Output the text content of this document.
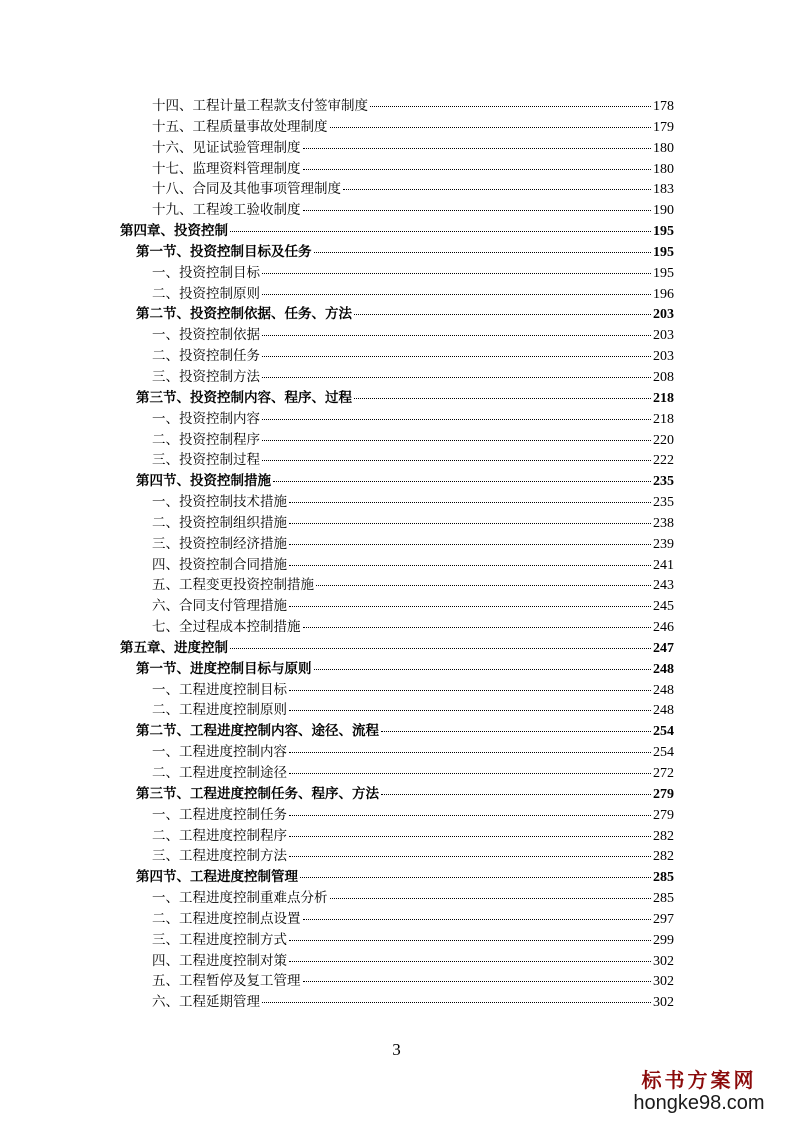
十四、工程计量工程款支付签审制度	178
十五、工程质量事故处理制度	179
十六、见证试验管理制度	180
十七、监理资料管理制度	180
十八、合同及其他事项管理制度	183
十九、工程竣工验收制度	190
第四章、投资控制	195
第一节、投资控制目标及任务	195
一、投资控制目标	195
二、投资控制原则	196
第二节、投资控制依据、任务、方法	203
一、投资控制依据	203
二、投资控制任务	203
三、投资控制方法	208
第三节、投资控制内容、程序、过程	218
一、投资控制内容	218
二、投资控制程序	220
三、投资控制过程	222
第四节、投资控制措施	235
一、投资控制技术措施	235
二、投资控制组织措施	238
三、投资控制经济措施	239
四、投资控制合同措施	241
五、工程变更投资控制措施	243
六、合同支付管理措施	245
七、全过程成本控制措施	246
第五章、进度控制	247
第一节、进度控制目标与原则	248
一、工程进度控制目标	248
二、工程进度控制原则	248
第二节、工程进度控制内容、途径、流程	254
一、工程进度控制内容	254
二、工程进度控制途径	272
第三节、工程进度控制任务、程序、方法	279
一、工程进度控制任务	279
二、工程进度控制程序	282
三、工程进度控制方法	282
第四节、工程进度控制管理	285
一、工程进度控制重难点分析	285
二、工程进度控制点设置	297
三、工程进度控制方式	299
四、工程进度控制对策	302
五、工程暂停及复工管理	302
六、工程延期管理	302
3
标书方案网
hongke98.com
